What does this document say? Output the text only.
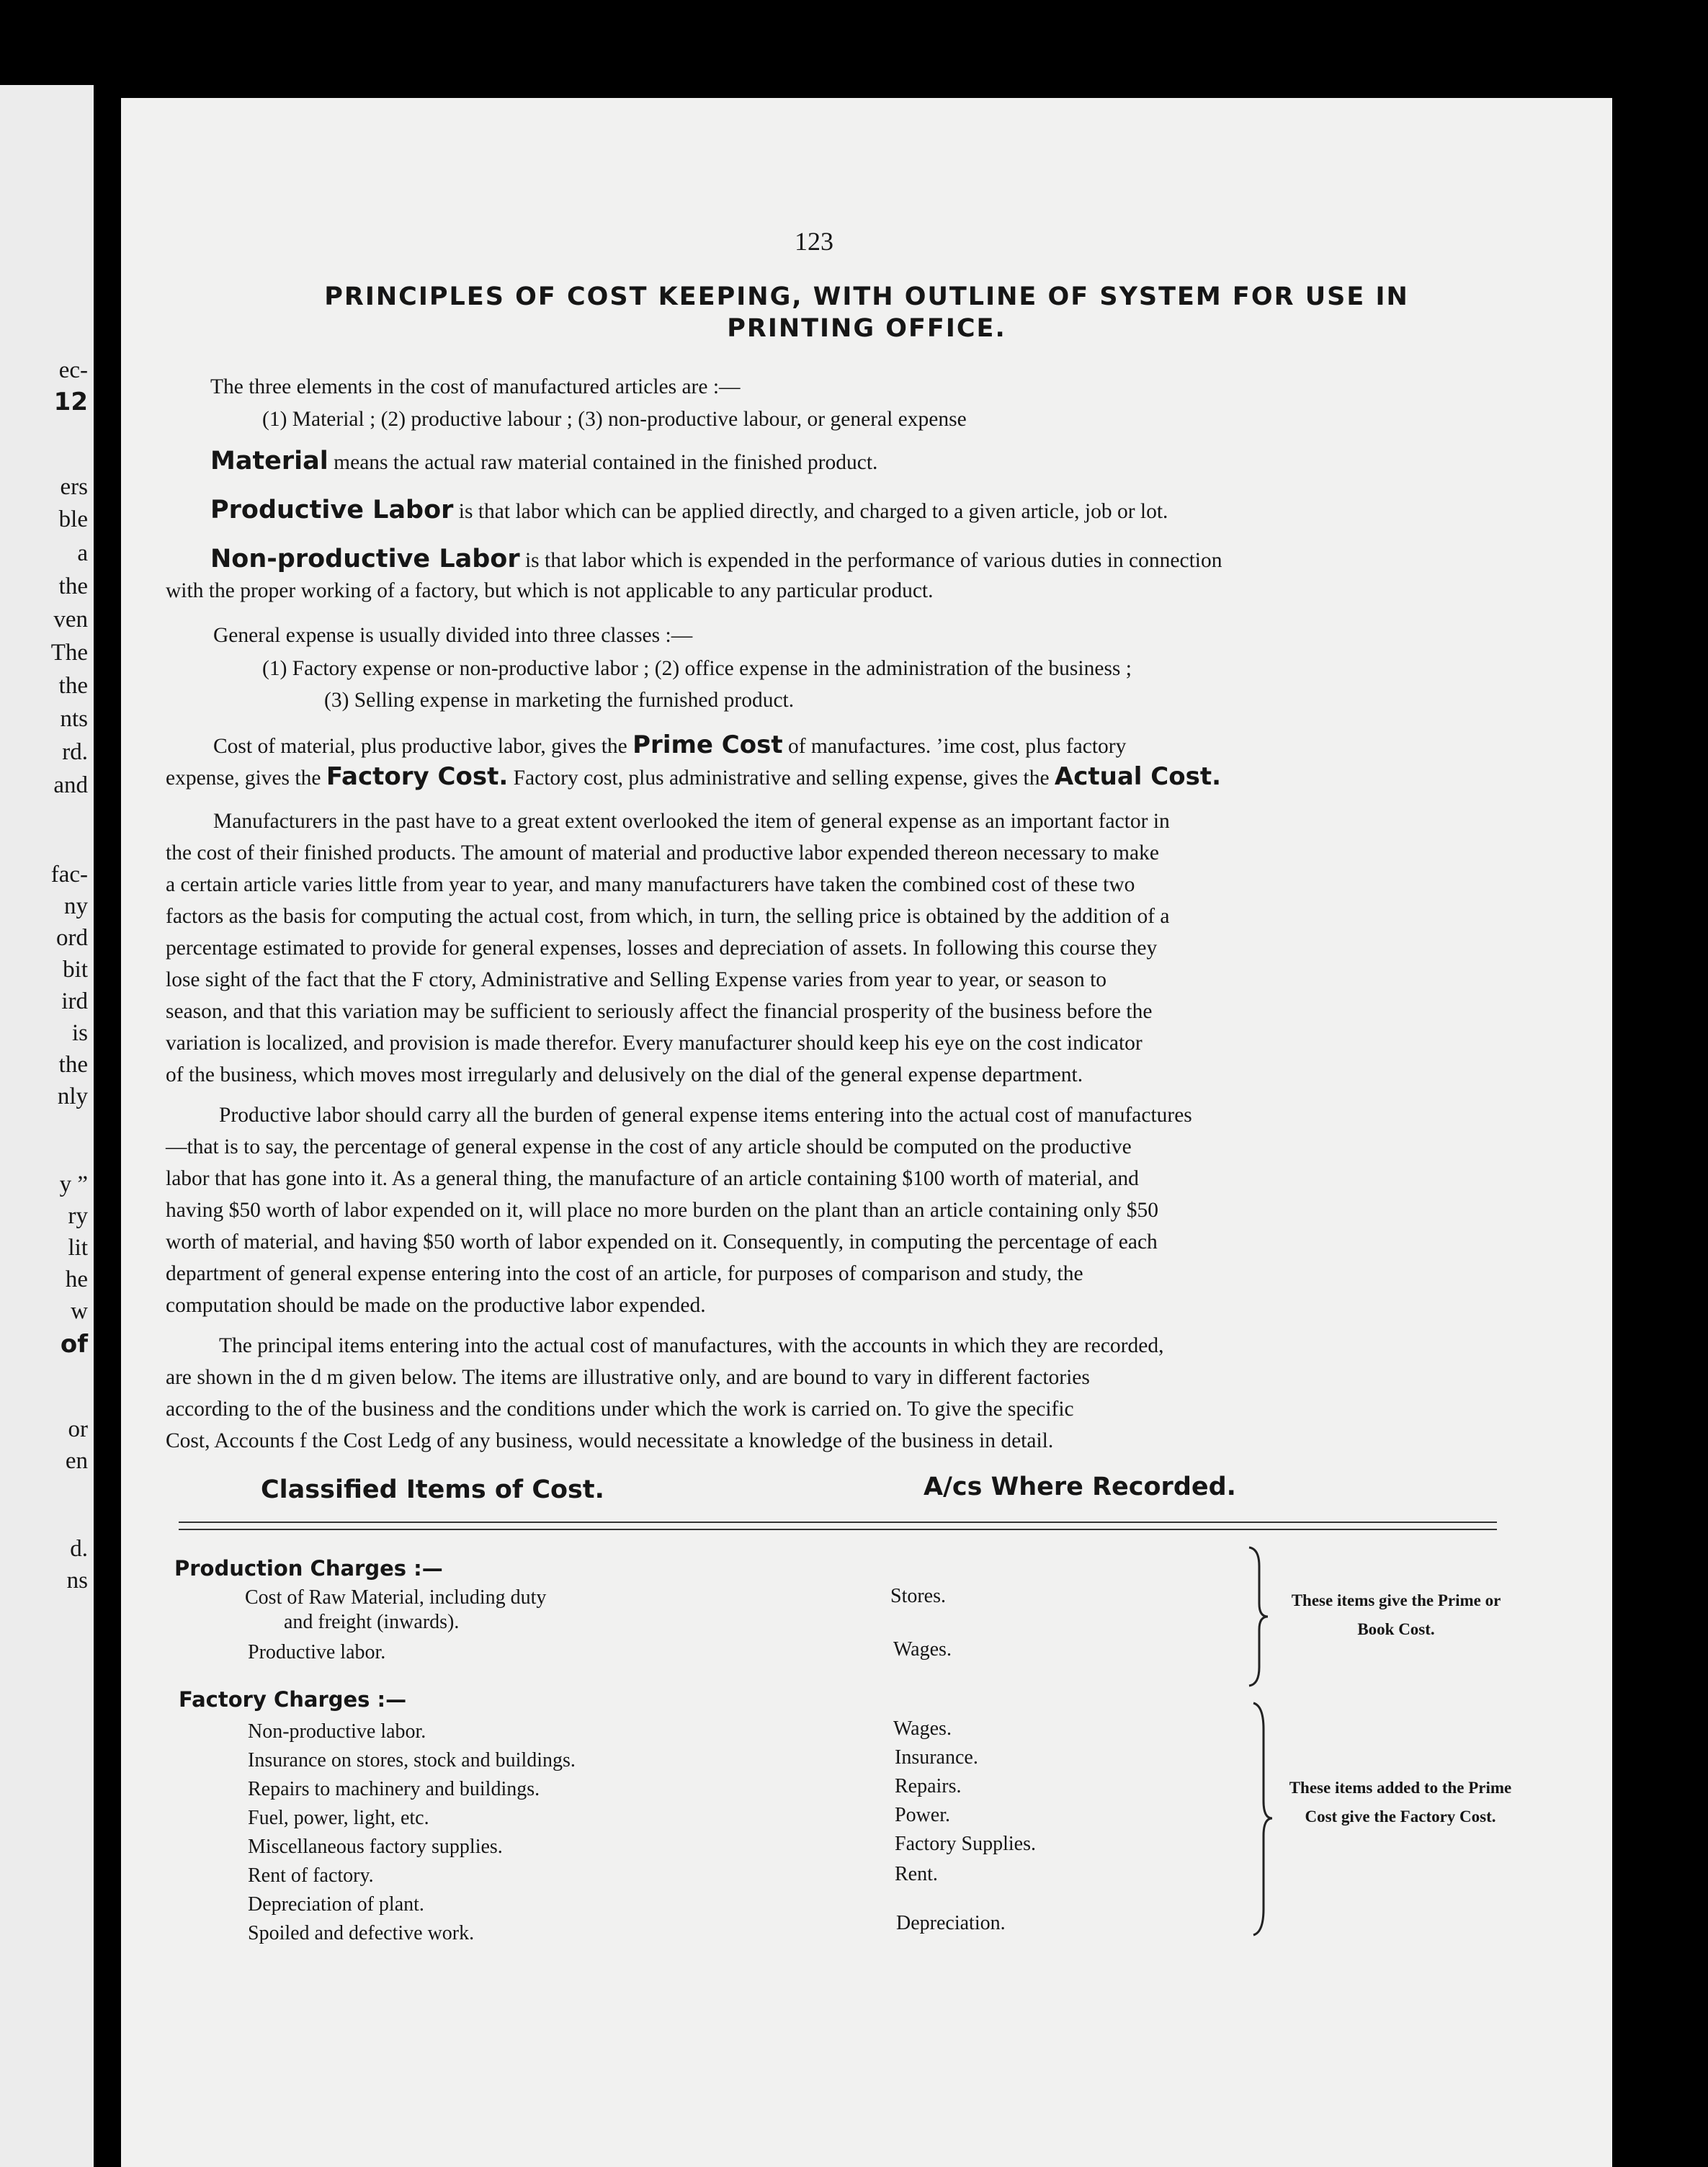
ec-
12
ers
ble
a
the
ven
The
the
nts
rd.
and
fac-
ny
ord
bit
ird
is
the
nly
y ”
ry
lit
he
w
of
or
en
d.
ns
123
PRINCIPLES OF COST KEEPING, WITH OUTLINE OF SYSTEM FOR USE IN
PRINTING OFFICE.
The three elements in the cost of manufactured articles are :—
(1) Material ; (2) productive labour ; (3) non-productive labour, or general expense
Material means the actual raw material contained in the finished product.
Productive Labor is that labor which can be applied directly, and charged to a given article, job or lot.
Non-productive Labor is that labor which is expended in the performance of various duties in connection
with the proper working of a factory, but which is not applicable to any particular product.
General expense is usually divided into three classes :—
(1) Factory expense or non-productive labor ; (2) office expense in the administration of the business ;
(3) Selling expense in marketing the furnished product.
Cost of material, plus productive labor, gives the Prime Cost of manufactures. ’ime cost, plus factory
expense, gives the Factory Cost. Factory cost, plus administrative and selling expense, gives the Actual Cost.
Manufacturers in the past have to a great extent overlooked the item of general expense as an important factor in
the cost of their finished products. The amount of material and productive labor expended thereon necessary to make
a certain article varies little from year to year, and many manufacturers have taken the combined cost of these two
factors as the basis for computing the actual cost, from which, in turn, the selling price is obtained by the addition of a
percentage estimated to provide for general expenses, losses and depreciation of assets. In following this course they
lose sight of the fact that the F ctory, Administrative and Selling Expense varies from year to year, or season to
season, and that this variation may be sufficient to seriously affect the financial prosperity of the business before the
variation is localized, and provision is made therefor. Every manufacturer should keep his eye on the cost indicator
of the business, which moves most irregularly and delusively on the dial of the general expense department.
Productive labor should carry all the burden of general expense items entering into the actual cost of manufactures
—that is to say, the percentage of general expense in the cost of any article should be computed on the productive
labor that has gone into it. As a general thing, the manufacture of an article containing $100 worth of material, and
having $50 worth of labor expended on it, will place no more burden on the plant than an article containing only $50
worth of material, and having $50 worth of labor expended on it. Consequently, in computing the percentage of each
department of general expense entering into the cost of an article, for purposes of comparison and study, the
computation should be made on the productive labor expended.
The principal items entering into the actual cost of manufactures, with the accounts in which they are recorded,
are shown in the d m given below. The items are illustrative only, and are bound to vary in different factories
according to the of the business and the conditions under which the work is carried on. To give the specific
Cost, Accounts f the Cost Ledg of any business, would necessitate a knowledge of the business in detail.
Classified Items of Cost.	A/cs Where Recorded.
Production Charges :—
Cost of Raw Material, including duty
and freight (inwards).
Productive labor.
Stores.
Wages.
These items give the Prime or Book Cost.
Factory Charges :—
Non-productive labor.
Insurance on stores, stock and buildings.
Repairs to machinery and buildings.
Fuel, power, light, etc.
Miscellaneous factory supplies.
Rent of factory.
Depreciation of plant.
Spoiled and defective work.
Wages.
Insurance.
Repairs.
Power.
Factory Supplies.
Rent.
Depreciation.
These items added to the Prime Cost give the Factory Cost.
